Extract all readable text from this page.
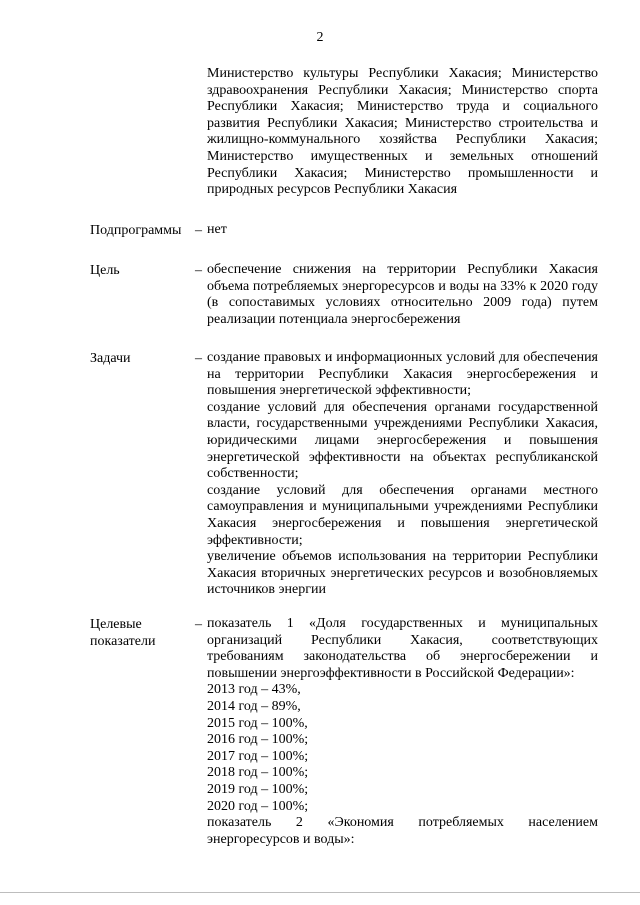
2

Министерство культуры Республики Хакасия; Министерство здравоохранения Республики Хакасия; Министерство спорта Республики Хакасия; Министерство труда и социального развития Республики Хакасия; Министерство строительства и жилищно-коммунального хозяйства Республики Хакасия; Министерство имущественных и земельных отношений Республики Хакасия; Министерство промышленности и природных ресурсов Республики Хакасия

Подпрограммы – нет

Цель	– обеспечение снижения на территории Республики Хакасия объема потребляемых энергоресурсов и воды на 33% к 2020 году (в сопоставимых условиях относительно 2009 года) путем реализации потенциала энергосбережения

Задачи	– создание правовых и информационных условий для обеспечения на территории Республики Хакасия энергосбережения и повышения энергетической эффективности;

создание условий для обеспечения органами государственной власти, государственными учреждениями Республики Хакасия, юридическими лицами энергосбережения и повышения энергетической эффективности на объектах республиканской собственности;

создание условий для обеспечения органами местного самоуправления и муниципальными учреждениями Республики Хакасия энергосбережения и повышения энергетической эффективности;

увеличение объемов использования на территории Республики Хакасия вторичных энергетических ресурсов и возобновляемых источников энергии

Целевые
показатели
– показатель 1 «Доля государственных и муниципальных организаций Республики Хакасия, соответствующих требованиям законодательства об энергосбережении и повышении энергоэффективности в Российской Федерации»:

2013 год – 43%,
2014 год – 89%,
2015 год – 100%,
2016 год – 100%;
2017 год – 100%;
2018 год – 100%;
2019 год – 100%;
2020 год – 100%;

показатель 2 «Экономия потребляемых населением энергоресурсов и воды»:
